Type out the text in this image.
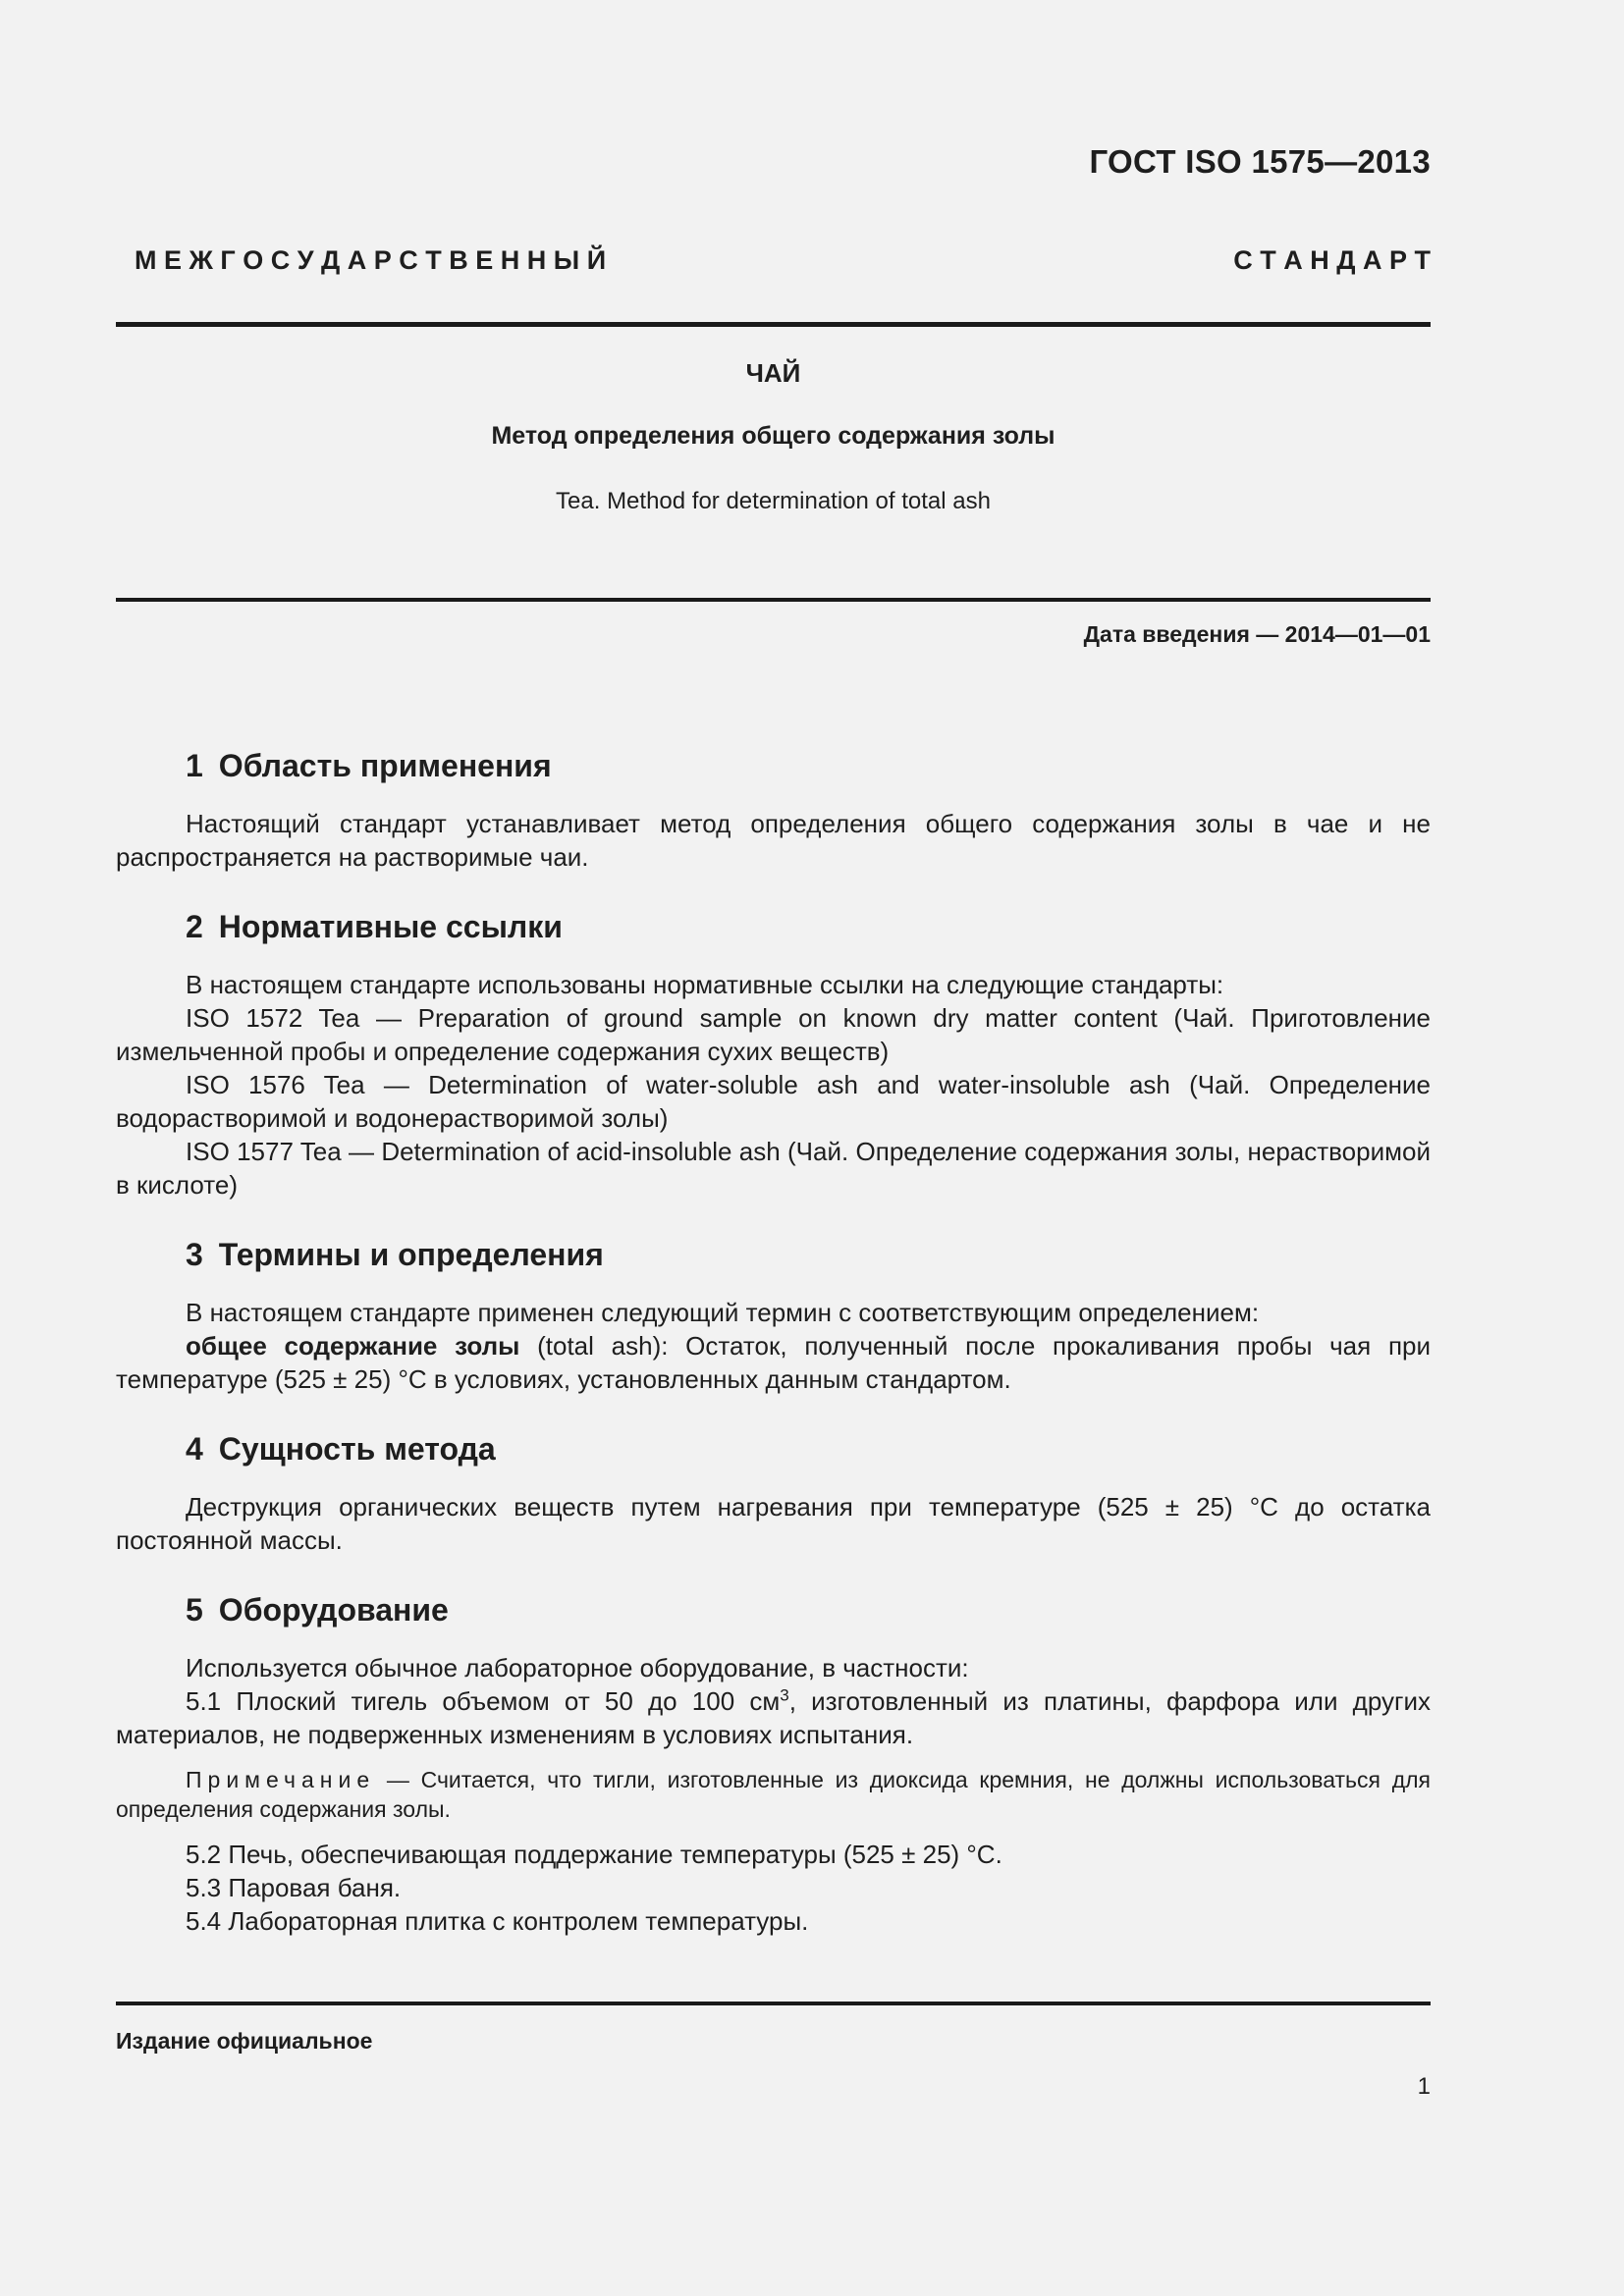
ГОСТ ISO 1575—2013
М Е Ж Г О С У Д А Р С Т В Е Н Н Ы Й	С Т А Н Д А Р Т
ЧАЙ
Метод определения общего содержания золы
Tea. Method for determination of total ash
Дата введения — 2014—01—01
1 Область применения

Настоящий стандарт устанавливает метод определения общего содержания золы в чае и не распространяется на растворимые чаи.

2 Нормативные ссылки

В настоящем стандарте использованы нормативные ссылки на следующие стандарты:

ISO 1572 Tea — Preparation of ground sample on known dry matter content (Чай. Приготовление измельченной пробы и определение содержания сухих веществ)

ISO 1576 Tea — Determination of water-soluble ash and water-insoluble ash (Чай. Определение водорастворимой и водонерастворимой золы)

ISO 1577 Tea — Determination of acid-insoluble ash (Чай. Определение содержания золы, нерастворимой в кислоте)

3 Термины и определения

В настоящем стандарте применен следующий термин с соответствующим определением:

общее содержание золы (total ash): Остаток, полученный после прокаливания пробы чая при температуре (525 ± 25) °С в условиях, установленных данным стандартом.

4 Сущность метода

Деструкция органических веществ путем нагревания при температуре (525 ± 25) °С до остатка постоянной массы.

5 Оборудование

Используется обычное лабораторное оборудование, в частности:

5.1 Плоский тигель объемом от 50 до 100 $см^3$, изготовленный из платины, фарфора или других материалов, не подверженных изменениям в условиях испытания.

Примечание — Считается, что тигли, изготовленные из диоксида кремния, не должны использоваться для определения содержания золы.

5.2 Печь, обеспечивающая поддержание температуры (525 ± 25) °С.

5.3 Паровая баня.

5.4 Лабораторная плитка с контролем температуры.

Издание официальное
1
